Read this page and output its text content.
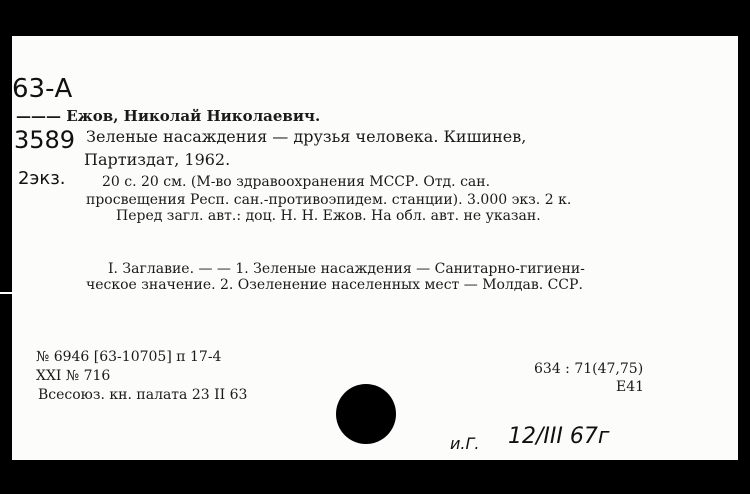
63-А
3589
2экз.
——— Ежов, Николай Николаевич.
Зеленые насаждения — друзья человека. Кишинев,
Партиздат, 1962.
20 с. 20 см. (М-во здравоохранения МССР. Отд. сан.
просвещения Респ. сан.-противоэпидем. станции). 3.000 экз. 2 к.
Перед загл. авт.: доц. Н. Н. Ежов. На обл. авт. не указан.
I. Заглавие. — — 1. Зеленые насаждения — Санитарно-гигиени-
ческое значение. 2. Озеленение населенных мест — Молдав. ССР.
№ 6946 [63-10705] п 17-4
XXI № 716
Всесоюз. кн. палата 23 II 63
634 : 71(47,75)
Е41
и.Г. 12/III 67г
